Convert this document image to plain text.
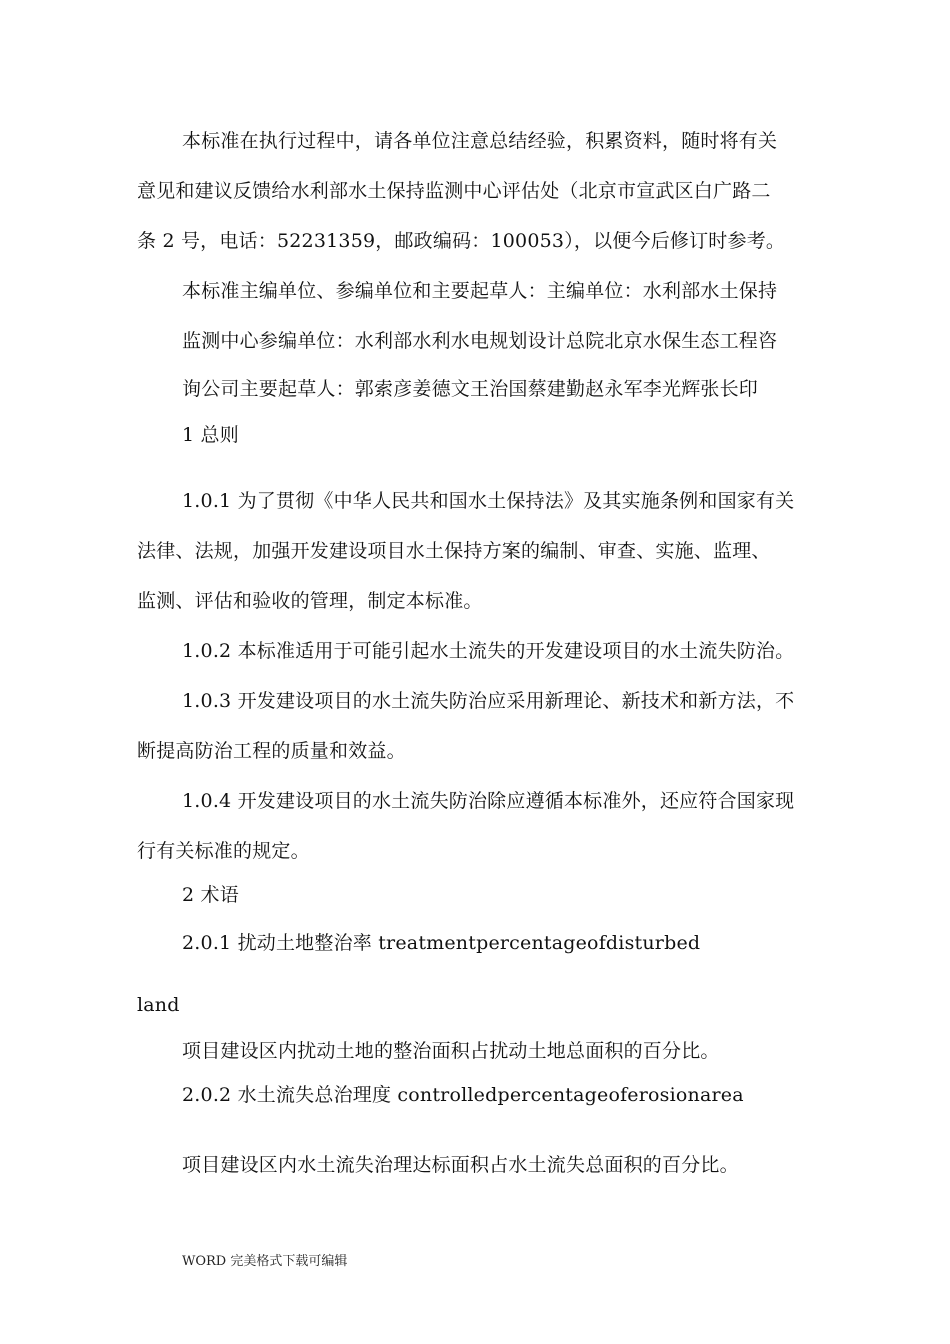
本标准在执行过程中，请各单位注意总结经验，积累资料，随时将有关
意见和建议反馈给水利部水土保持监测中心评估处（北京市宣武区白广路二
条 2 号，电话：52231359，邮政编码：100053），以便今后修订时参考。
本标准主编单位、参编单位和主要起草人：主编单位：水利部水土保持
监测中心参编单位：水利部水利水电规划设计总院北京水保生态工程咨
询公司主要起草人：郭索彦姜德文王治国蔡建勤赵永军李光辉张长印
1 总则
1.0.1 为了贯彻《中华人民共和国水土保持法》及其实施条例和国家有关
法律、法规，加强开发建设项目水土保持方案的编制、审查、实施、监理、
监测、评估和验收的管理，制定本标准。
1.0.2 本标准适用于可能引起水土流失的开发建设项目的水土流失防治。
1.0.3 开发建设项目的水土流失防治应采用新理论、新技术和新方法，不
断提高防治工程的质量和效益。
1.0.4 开发建设项目的水土流失防治除应遵循本标准外，还应符合国家现
行有关标准的规定。
2 术语
2.0.1 扰动土地整治率 treatmentpercentageofdisturbed
land
项目建设区内扰动土地的整治面积占扰动土地总面积的百分比。
2.0.2 水土流失总治理度 controlledpercentageoferosionarea
项目建设区内水土流失治理达标面积占水土流失总面积的百分比。
WORD 完美格式下载可编辑
